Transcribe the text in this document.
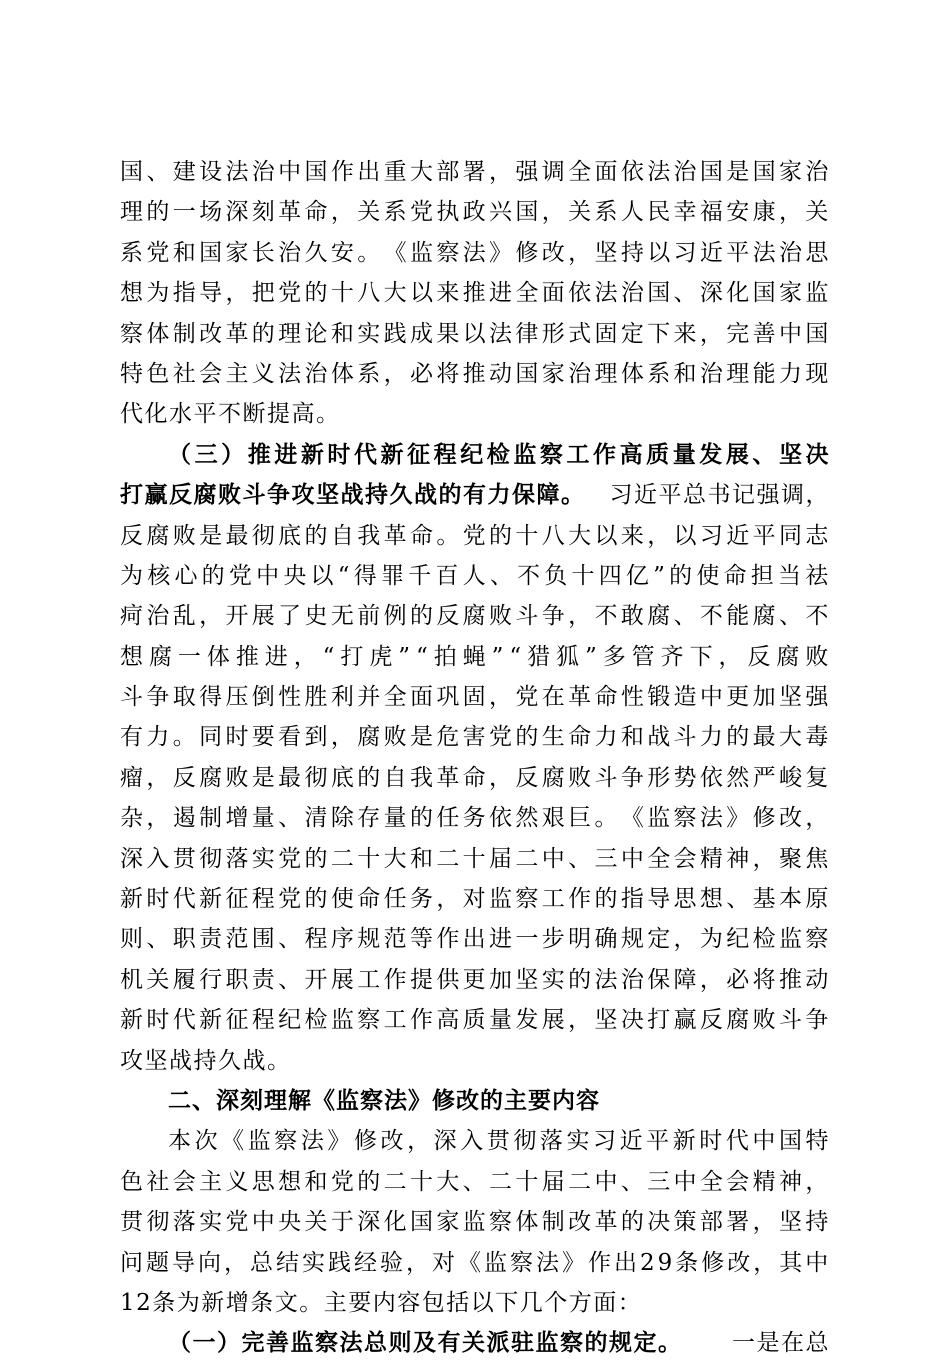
国 、 建 设 法 治 中 国 作 出 重 大 部 署 ， 强 调 全 面 依 法 治 国 是 国 家 治
理 的 一 场 深 刻 革 命 ， 关 系 党 执 政 兴 国 ， 关 系 人 民 幸 福 安 康 ， 关
系 党 和 国 家 长 治 久 安 。 《 监 察 法 》 修 改 ， 坚 持 以 习 近 平 法 治 思
想 为 指 导 ， 把 党 的 十 八 大 以 来 推 进 全 面 依 法 治 国 、 深 化 国 家 监
察 体 制 改 革 的 理 论 和 实 践 成 果 以 法 律 形 式 固 定 下 来 ， 完 善 中 国
特 色 社 会 主 义 法 治 体 系 ， 必 将 推 动 国 家 治 理 体 系 和 治 理 能 力 现
代化水平不断提高。
（ 三 ） 推 进 新 时 代 新 征 程 纪 检 监 察 工 作 高 质 量 发 展 、 坚 决
打赢反腐败斗争攻坚战持久战的有力保障。 习近平总书记强调，
反 腐 败 是 最 彻 底 的 自 我 革 命 。 党 的 十 八 大 以 来 ， 以 习 近 平 同 志
为 核 心 的 党 中 央 以 “ 得 罪 千 百 人 、 不 负 十 四 亿 ” 的 使 命 担 当 祛
疴 治 乱 ， 开 展 了 史 无 前 例 的 反 腐 败 斗 争 ， 不 敢 腐 、 不 能 腐 、 不
想 腐 一 体 推 进 ， “ 打 虎 ” “ 拍 蝇 ” “ 猎 狐 ” 多 管 齐 下 ， 反 腐 败
斗 争 取 得 压 倒 性 胜 利 并 全 面 巩 固 ， 党 在 革 命 性 锻 造 中 更 加 坚 强
有 力 。 同 时 要 看 到 ， 腐 败 是 危 害 党 的 生 命 力 和 战 斗 力 的 最 大 毒
瘤 ， 反 腐 败 是 最 彻 底 的 自 我 革 命 ， 反 腐 败 斗 争 形 势 依 然 严 峻 复
杂 ， 遏 制 增 量 、 清 除 存 量 的 任 务 依 然 艰 巨 。 《 监 察 法 》 修 改 ，
深 入 贯 彻 落 实 党 的 二 十 大 和 二 十 届 二 中 、 三 中 全 会 精 神 ， 聚 焦
新 时 代 新 征 程 党 的 使 命 任 务 ， 对 监 察 工 作 的 指 导 思 想 、 基 本 原
则 、 职 责 范 围 、 程 序 规 范 等 作 出 进 一 步 明 确 规 定 ， 为 纪 检 监 察
机 关 履 行 职 责 、 开 展 工 作 提 供 更 加 坚 实 的 法 治 保 障 ， 必 将 推 动
新 时 代 新 征 程 纪 检 监 察 工 作 高 质 量 发 展 ， 坚 决 打 赢 反 腐 败 斗 争
攻坚战持久战。
二、深刻理解《监察法》修改的主要内容
本 次 《 监 察 法 》 修 改 ， 深 入 贯 彻 落 实 习 近 平 新 时 代 中 国 特
色 社 会 主 义 思 想 和 党 的 二 十 大 、 二 十 届 二 中 、 三 中 全 会 精 神 ，
贯 彻 落 实 党 中 央 关 于 深 化 国 家 监 察 体 制 改 革 的 决 策 部 署 ， 坚 持
问 题 导 向 ， 总 结 实 践 经 验 ， 对 《 监 察 法 》 作 出 2 9 条 修 改 ， 其 中
12条为新增条文。主要内容包括以下几个方面：
（一）完善监察法总则及有关派驻监察的规定。 一是在总
